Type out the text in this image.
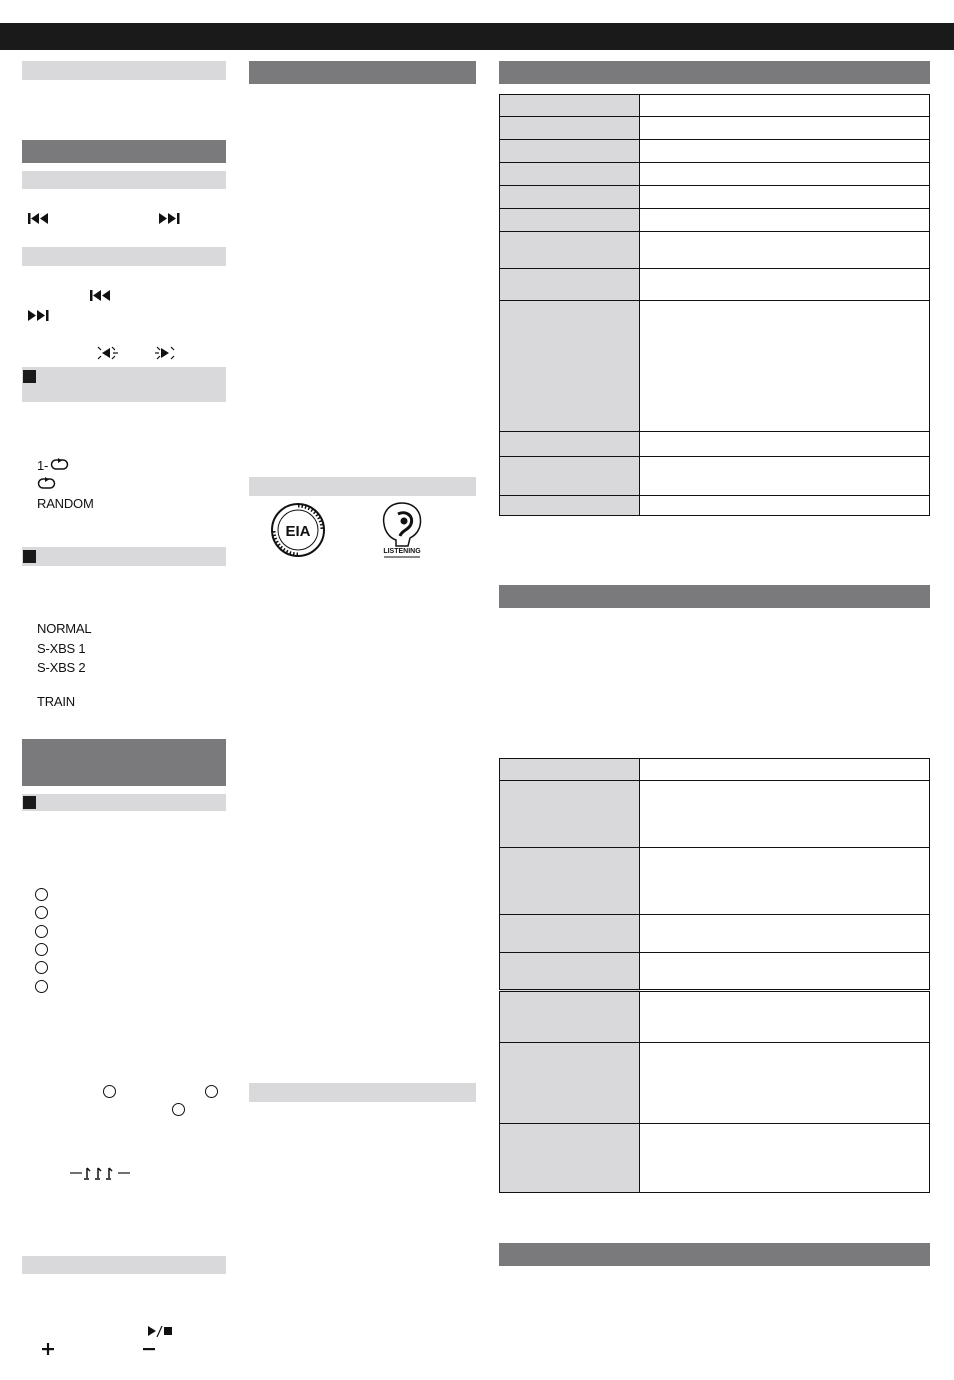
1-
RANDOM
NORMAL
S-XBS 1
S-XBS 2
TRAIN
EIA
LISTENING
